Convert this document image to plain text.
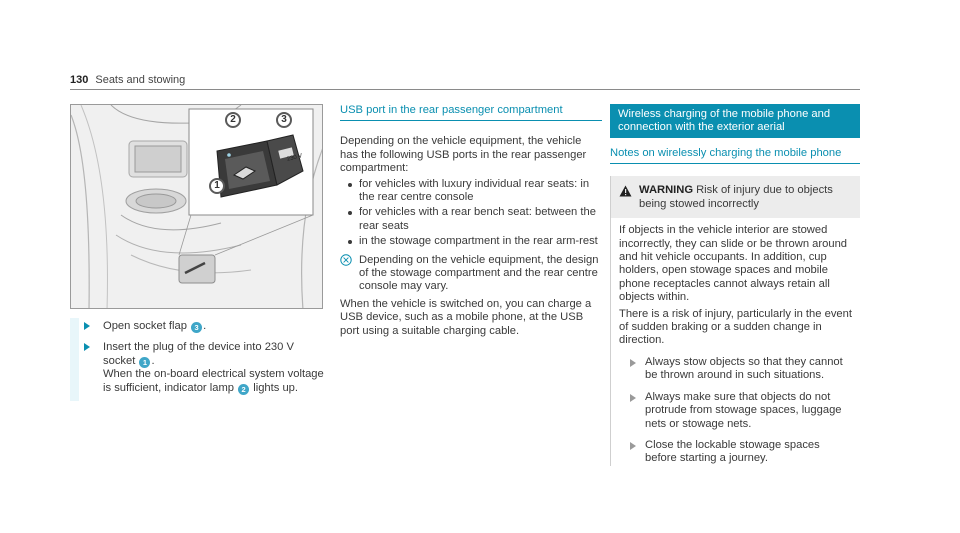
130 Seats and stowing
1
2	3
230 V

Open socket flap 3 .

Insert the plug of the device into 230 V socket 1 .
When the on-board electrical system voltage is sufficient, indicator lamp 2 lights up.

USB port in the rear passenger compartment

Depending on the vehicle equipment, the vehicle has the following USB ports in the rear passenger compartment:

for vehicles with luxury individual rear seats: in the rear centre console
for vehicles with a rear bench seat: between the rear seats
in the stowage compartment in the rear arm-rest
Depending on the vehicle equipment, the design of the stowage compartment and the rear centre console may vary.

When the vehicle is switched on, you can charge a USB device, such as a mobile phone, at the USB port using a suitable charging cable.

Wireless charging of the mobile phone and connection with the exterior aerial
Notes on wirelessly charging the mobile phone
WARNING Risk of injury due to objects being stowed incorrectly

If objects in the vehicle interior are stowed incorrectly, they can slide or be thrown around and hit vehicle occupants. In addition, cup holders, open stowage spaces and mobile phone receptacles cannot always retain all objects within.

There is a risk of injury, particularly in the event of sudden braking or a sudden change in direction.

Always stow objects so that they cannot be thrown around in such situations.
Always make sure that objects do not protrude from stowage spaces, luggage nets or stowage nets.
Close the lockable stowage spaces before starting a journey.
